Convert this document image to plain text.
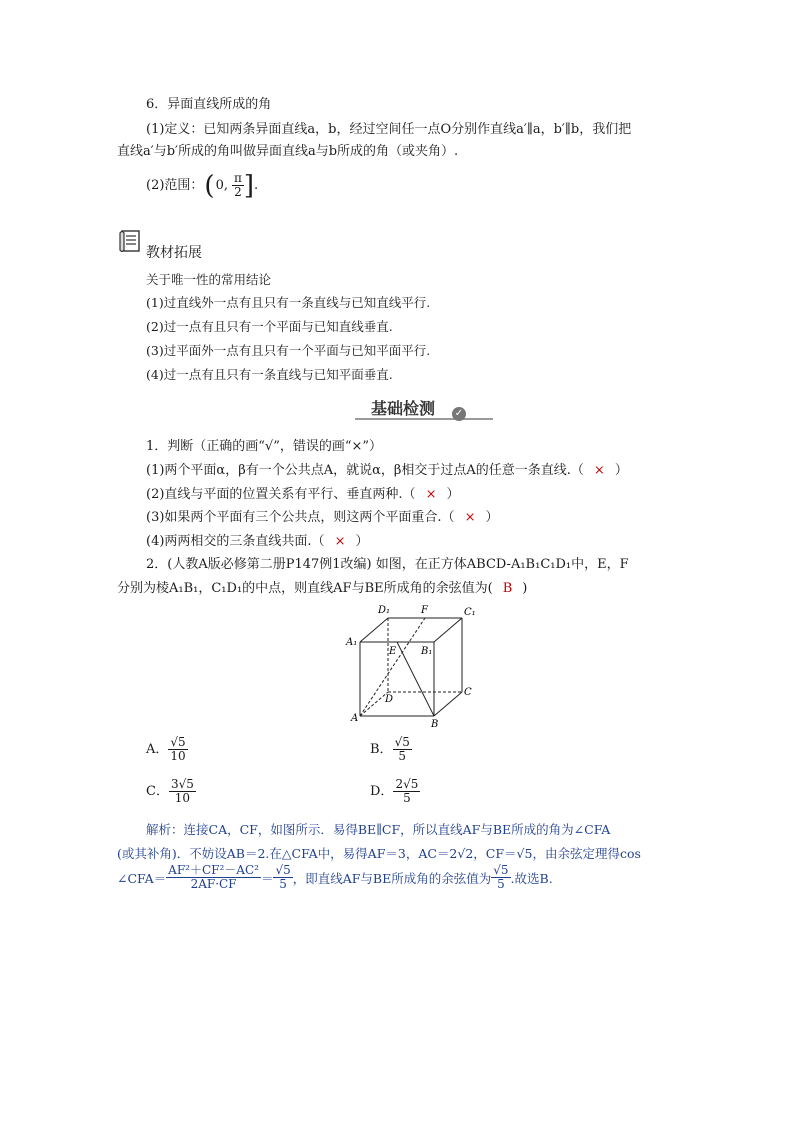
6．异面直线所成的角
(1)定义：已知两条异面直线a，b，经过空间任一点O分别作直线a′∥a，b′∥b，我们把
直线a′与b′所成的角叫做异面直线a与b所成的角（或夹角）.
(2)范围： ( 0, $\frac{\pi}{2}$ ] .
教材拓展
关于唯一性的常用结论
(1)过直线外一点有且只有一条直线与已知直线平行.
(2)过一点有且只有一个平面与已知直线垂直.
(3)过平面外一点有且只有一个平面与已知平面平行.
(4)过一点有且只有一条直线与已知平面垂直.
基础检测 ✓
1．判断（正确的画“√”，错误的画“×”）
(1)两个平面α，β有一个公共点A，就说α，β相交于过点A的任意一条直线.（ × ）
(2)直线与平面的位置关系有平行、垂直两种.（ × ）
(3)如果两个平面有三个公共点，则这两个平面重合.（ × ）
(4)两两相交的三条直线共面.（ × ）
2．(人教A版必修第二册P147例1改编) 如图，在正方体ABCD-A₁B₁C₁D₁中，E，F
分别为棱A₁B₁，C₁D₁的中点，则直线AF与BE所成角的余弦值为( B )
D₁	F	C₁
A₁
E B₁
C
D
A
B
A． $\frac{√5}{10}$	B． $\frac{√5}{5}$
C． $\frac{3√5}{10}$	D． $\frac{2√5}{5}$
解析：连接CA，CF，如图所示．易得BE∥CF，所以直线AF与BE所成的角为∠CFA
(或其补角)．不妨设AB＝2.在△CFA中，易得AF＝3，AC＝2√2，CF＝√5，由余弦定理得cos
∠CFA＝ $\frac{\text{AF²＋CF²－AC²}}{2AF\cdot CF} = \frac{√5}{5}$ ，即直线AF与BE所成角的余弦值为 $\frac{√5}{5}$ .故选B.
